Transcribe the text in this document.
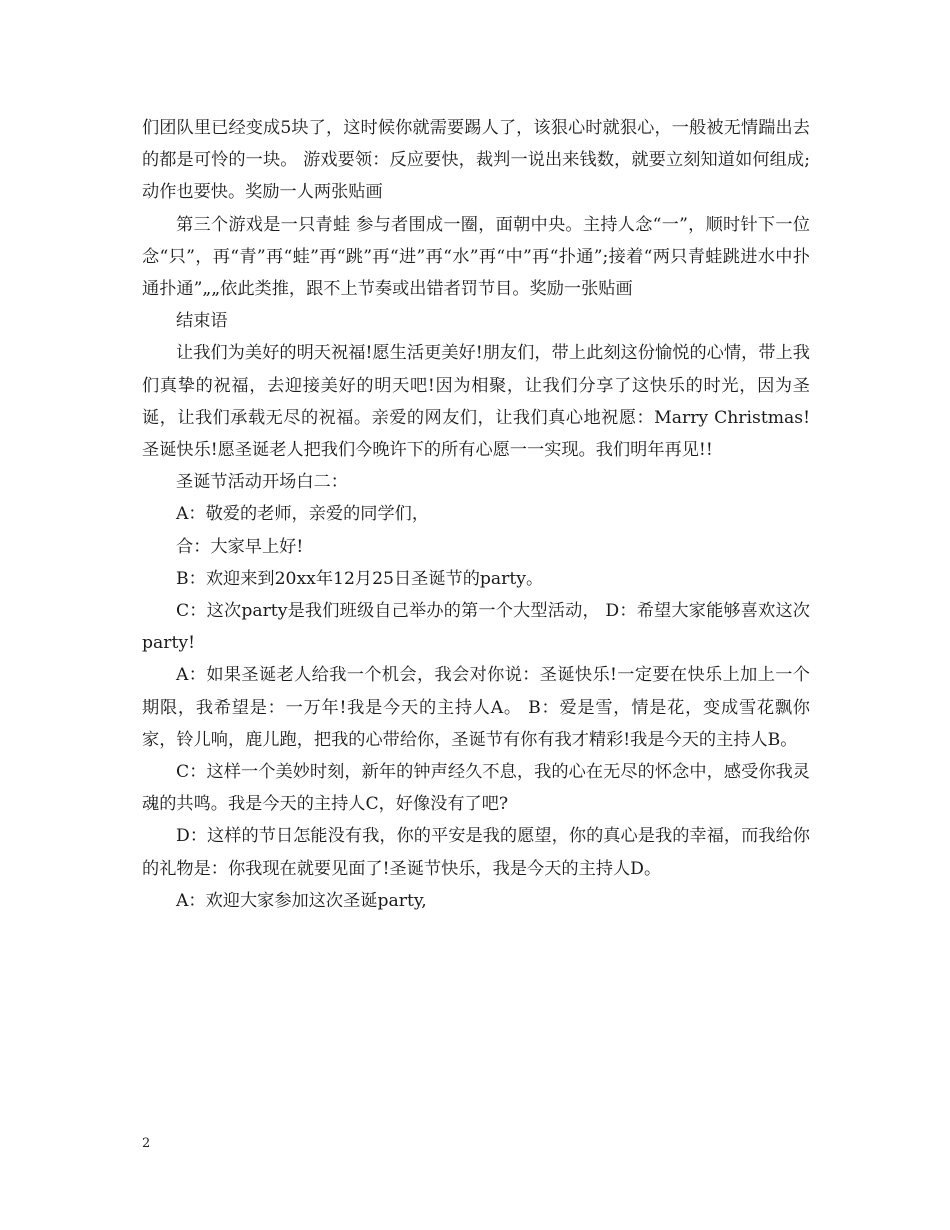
们团队里已经变成5块了，这时候你就需要踢人了，该狠心时就狠心，一般被无情踹出去的都是可怜的一块。 游戏要领：反应要快，裁判一说出来钱数，就要立刻知道如何组成;动作也要快。奖励一人两张贴画

第三个游戏是一只青蛙 参与者围成一圈，面朝中央。主持人念“一”，顺时针下一位念“只”，再“青”再“蛙”再“跳”再“进”再“水”再“中”再“扑通”;接着“两只青蛙跳进水中扑通扑通”„„依此类推，跟不上节奏或出错者罚节目。奖励一张贴画

结束语

让我们为美好的明天祝福!愿生活更美好!朋友们，带上此刻这份愉悦的心情，带上我们真挚的祝福，去迎接美好的明天吧!因为相聚，让我们分享了这快乐的时光，因为圣诞，让我们承载无尽的祝福。亲爱的网友们，让我们真心地祝愿：Marry Christmas!圣诞快乐!愿圣诞老人把我们今晚许下的所有心愿一一实现。我们明年再见!!

圣诞节活动开场白二：

A：敬爱的老师，亲爱的同学们，

合：大家早上好!

B：欢迎来到20xx年12月25日圣诞节的party。

C：这次party是我们班级自己举办的第一个大型活动， D：希望大家能够喜欢这次party!

A：如果圣诞老人给我一个机会，我会对你说：圣诞快乐!一定要在快乐上加上一个期限，我希望是：一万年!我是今天的主持人A。 B：爱是雪，情是花，变成雪花飘你家，铃儿响，鹿儿跑，把我的心带给你，圣诞节有你有我才精彩!我是今天的主持人B。

C：这样一个美妙时刻，新年的钟声经久不息，我的心在无尽的怀念中，感受你我灵魂的共鸣。我是今天的主持人C，好像没有了吧?

D：这样的节日怎能没有我，你的平安是我的愿望，你的真心是我的幸福，而我给你的礼物是：你我现在就要见面了!圣诞节快乐，我是今天的主持人D。

A：欢迎大家参加这次圣诞party,

2
